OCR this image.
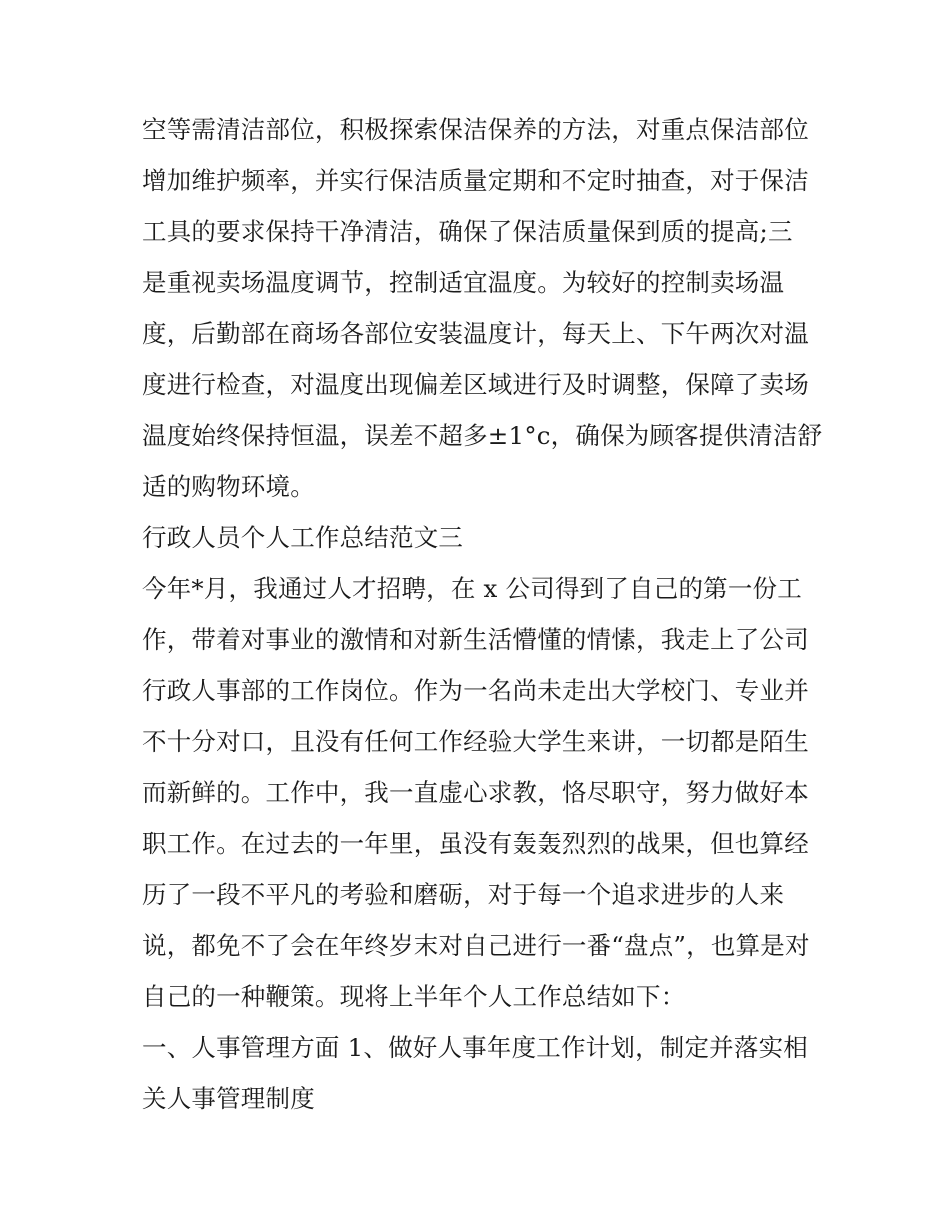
空等需清洁部位，积极探索保洁保养的方法，对重点保洁部位
增加维护频率，并实行保洁质量定期和不定时抽查，对于保洁
工具的要求保持干净清洁，确保了保洁质量保到质的提高;三
是重视卖场温度调节，控制适宜温度。为较好的控制卖场温
度，后勤部在商场各部位安装温度计，每天上、下午两次对温
度进行检查，对温度出现偏差区域进行及时调整，保障了卖场
温度始终保持恒温，误差不超多±1°c，确保为顾客提供清洁舒
适的购物环境。
行政人员个人工作总结范文三
今年*月，我通过人才招聘，在 x 公司得到了自己的第一份工
作，带着对事业的激情和对新生活懵懂的情愫，我走上了公司
行政人事部的工作岗位。作为一名尚未走出大学校门、专业并
不十分对口，且没有任何工作经验大学生来讲，一切都是陌生
而新鲜的。工作中，我一直虚心求教，恪尽职守，努力做好本
职工作。在过去的一年里，虽没有轰轰烈烈的战果，但也算经
历了一段不平凡的考验和磨砺，对于每一个追求进步的人来
说，都免不了会在年终岁末对自己进行一番“盘点”，也算是对
自己的一种鞭策。现将上半年个人工作总结如下：
一、人事管理方面 1、做好人事年度工作计划，制定并落实相
关人事管理制度
